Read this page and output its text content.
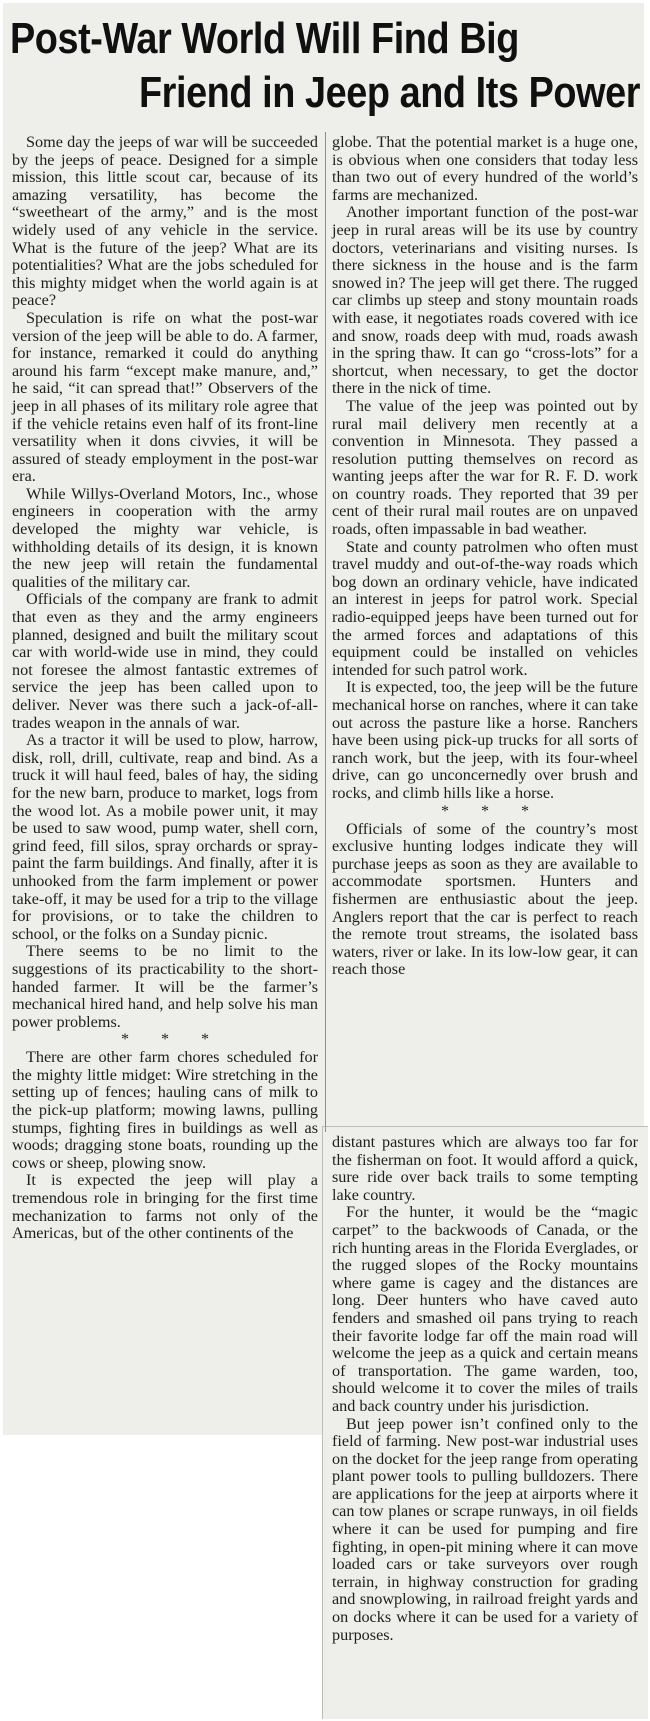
Post-War World Will Find Big
Friend in Jeep and Its Power

Some day the jeeps of war will be succeeded by the jeeps of peace. Designed for a simple mission, this little scout car, because of its amazing versatility, has become the “sweetheart of the army,” and is the most widely used of any vehicle in the service. What is the future of the jeep? What are its potentialities? What are the jobs scheduled for this mighty midget when the world again is at peace?

Speculation is rife on what the post-war version of the jeep will be able to do. A farmer, for instance, remarked it could do anything around his farm “except make manure, and,” he said, “it can spread that!” Observers of the jeep in all phases of its military role agree that if the vehicle retains even half of its front-line versatility when it dons civvies, it will be assured of steady employment in the post-war era.

While Willys-Overland Motors, Inc., whose engineers in cooperation with the army developed the mighty war vehicle, is withholding details of its design, it is known the new jeep will retain the fundamental qualities of the military car.

Officials of the company are frank to admit that even as they and the army engineers planned, designed and built the military scout car with world-wide use in mind, they could not foresee the almost fantastic extremes of service the jeep has been called upon to deliver. Never was there such a jack-of-all-trades weapon in the annals of war.

As a tractor it will be used to plow, harrow, disk, roll, drill, cultivate, reap and bind. As a truck it will haul feed, bales of hay, the siding for the new barn, produce to market, logs from the wood lot. As a mobile power unit, it may be used to saw wood, pump water, shell corn, grind feed, fill silos, spray orchards or spray-paint the farm buildings. And finally, after it is unhooked from the farm implement or power take-off, it may be used for a trip to the village for provisions, or to take the children to school, or the folks on a Sunday picnic.

There seems to be no limit to the suggestions of its practicability to the short-handed farmer. It will be the farmer’s mechanical hired hand, and help solve his man power problems.

* * *

There are other farm chores scheduled for the mighty little midget: Wire stretching in the setting up of fences; hauling cans of milk to the pick-up platform; mowing lawns, pulling stumps, fighting fires in buildings as well as woods; dragging stone boats, rounding up the cows or sheep, plowing snow.

It is expected the jeep will play a tremendous role in bringing for the first time mechanization to farms not only of the Americas, but of the other continents of the

globe. That the potential market is a huge one, is obvious when one considers that today less than two out of every hundred of the world’s farms are mechanized.

Another important function of the post-war jeep in rural areas will be its use by country doctors, veterinarians and visiting nurses. Is there sickness in the house and is the farm snowed in? The jeep will get there. The rugged car climbs up steep and stony mountain roads with ease, it negotiates roads covered with ice and snow, roads deep with mud, roads awash in the spring thaw. It can go “cross-lots” for a shortcut, when necessary, to get the doctor there in the nick of time.

The value of the jeep was pointed out by rural mail delivery men recently at a convention in Minnesota. They passed a resolution putting themselves on record as wanting jeeps after the war for R. F. D. work on country roads. They reported that 39 per cent of their rural mail routes are on unpaved roads, often impassable in bad weather.

State and county patrolmen who often must travel muddy and out-of-the-way roads which bog down an ordinary vehicle, have indicated an interest in jeeps for patrol work. Special radio-equipped jeeps have been turned out for the armed forces and adaptations of this equipment could be installed on vehicles intended for such patrol work.

It is expected, too, the jeep will be the future mechanical horse on ranches, where it can take out across the pasture like a horse. Ranchers have been using pick-up trucks for all sorts of ranch work, but the jeep, with its four-wheel drive, can go unconcernedly over brush and rocks, and climb hills like a horse.

* * *

Officials of some of the country’s most exclusive hunting lodges indicate they will purchase jeeps as soon as they are available to accommodate sportsmen. Hunters and fishermen are enthusiastic about the jeep. Anglers report that the car is perfect to reach the remote trout streams, the isolated bass waters, river or lake. In its low-low gear, it can reach those

distant pastures which are always too far for the fisherman on foot. It would afford a quick, sure ride over back trails to some tempting lake country.

For the hunter, it would be the “magic carpet” to the backwoods of Canada, or the rich hunting areas in the Florida Everglades, or the rugged slopes of the Rocky mountains where game is cagey and the distances are long. Deer hunters who have caved auto fenders and smashed oil pans trying to reach their favorite lodge far off the main road will welcome the jeep as a quick and certain means of transportation. The game warden, too, should welcome it to cover the miles of trails and back country under his jurisdiction.

But jeep power isn’t confined only to the field of farming. New post-war industrial uses on the docket for the jeep range from operating plant power tools to pulling bulldozers. There are applications for the jeep at airports where it can tow planes or scrape runways, in oil fields where it can be used for pumping and fire fighting, in open-pit mining where it can move loaded cars or take surveyors over rough terrain, in highway construction for grading and snowplowing, in railroad freight yards and on docks where it can be used for a variety of purposes.
